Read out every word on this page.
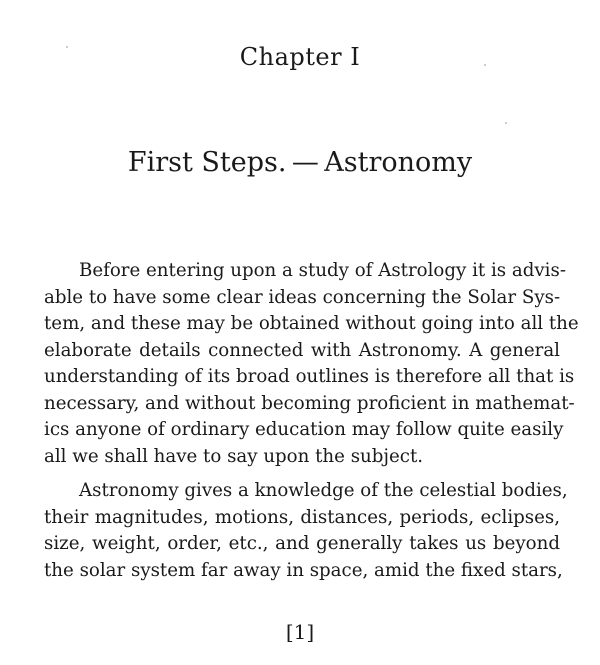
Chapter I
First Steps. — Astronomy
Before entering upon a study of Astrology it is advis-
able to have some clear ideas concerning the Solar Sys-
tem, and these may be obtained without going into all the
elaborate details connected with Astronomy. A general
understanding of its broad outlines is therefore all that is
necessary, and without becoming proficient in mathemat-
ics anyone of ordinary education may follow quite easily
all we shall have to say upon the subject.
Astronomy gives a knowledge of the celestial bodies,
their magnitudes, motions, distances, periods, eclipses,
size, weight, order, etc., and generally takes us beyond
the solar system far away in space, amid the fixed stars,
[1]
